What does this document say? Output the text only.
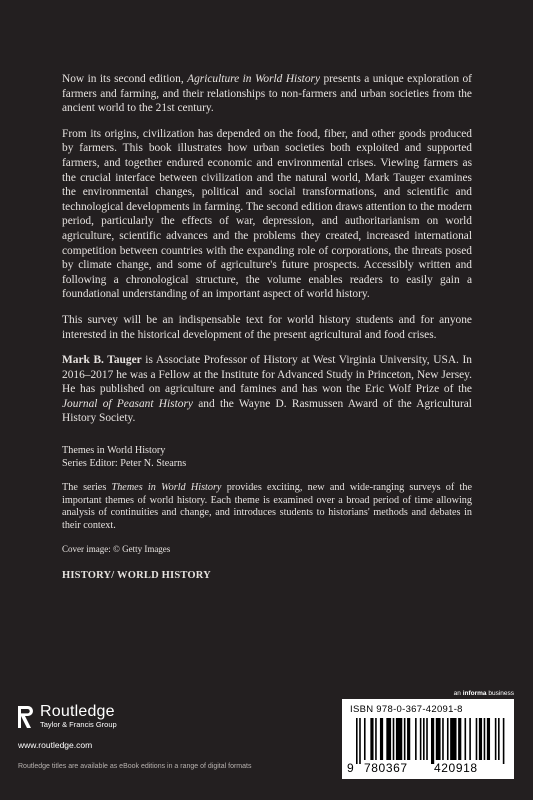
Now in its second edition, Agriculture in World History presents a unique exploration of farmers and farming, and their relationships to non-farmers and urban societies from the ancient world to the 21st century.

From its origins, civilization has depended on the food, fiber, and other goods produced by farmers. This book illustrates how urban societies both exploited and supported farmers, and together endured economic and environmental crises. Viewing farmers as the crucial interface between civilization and the natural world, Mark Tauger examines the environmental changes, political and social transformations, and scientific and technological developments in farming. The second edition draws attention to the modern period, particularly the effects of war, depression, and authoritarianism on world agriculture, scientific advances and the problems they created, increased international competition between countries with the expanding role of corporations, the threats posed by climate change, and some of agriculture's future prospects. Accessibly written and following a chronological structure, the volume enables readers to easily gain a foundational understanding of an important aspect of world history.

This survey will be an indispensable text for world history students and for anyone interested in the historical development of the present agricultural and food crises.

Mark B. Tauger is Associate Professor of History at West Virginia University, USA. In 2016–2017 he was a Fellow at the Institute for Advanced Study in Princeton, New Jersey. He has published on agriculture and famines and has won the Eric Wolf Prize of the Journal of Peasant History and the Wayne D. Rasmussen Award of the Agricultural History Society.

Themes in World History
Series Editor: Peter N. Stearns
The series Themes in World History provides exciting, new and wide-ranging surveys of the important themes of world history. Each theme is examined over a broad period of time allowing analysis of continuities and change, and introduces students to historians' methods and debates in their context.
Cover image: © Getty Images
HISTORY/ WORLD HISTORY
Routledge
Taylor & Francis Group
www.routledge.com
Routledge titles are available as eBook editions in a range of digital formats
an informa business
ISBN 978-0-367-42091-8
9 780367 420918
